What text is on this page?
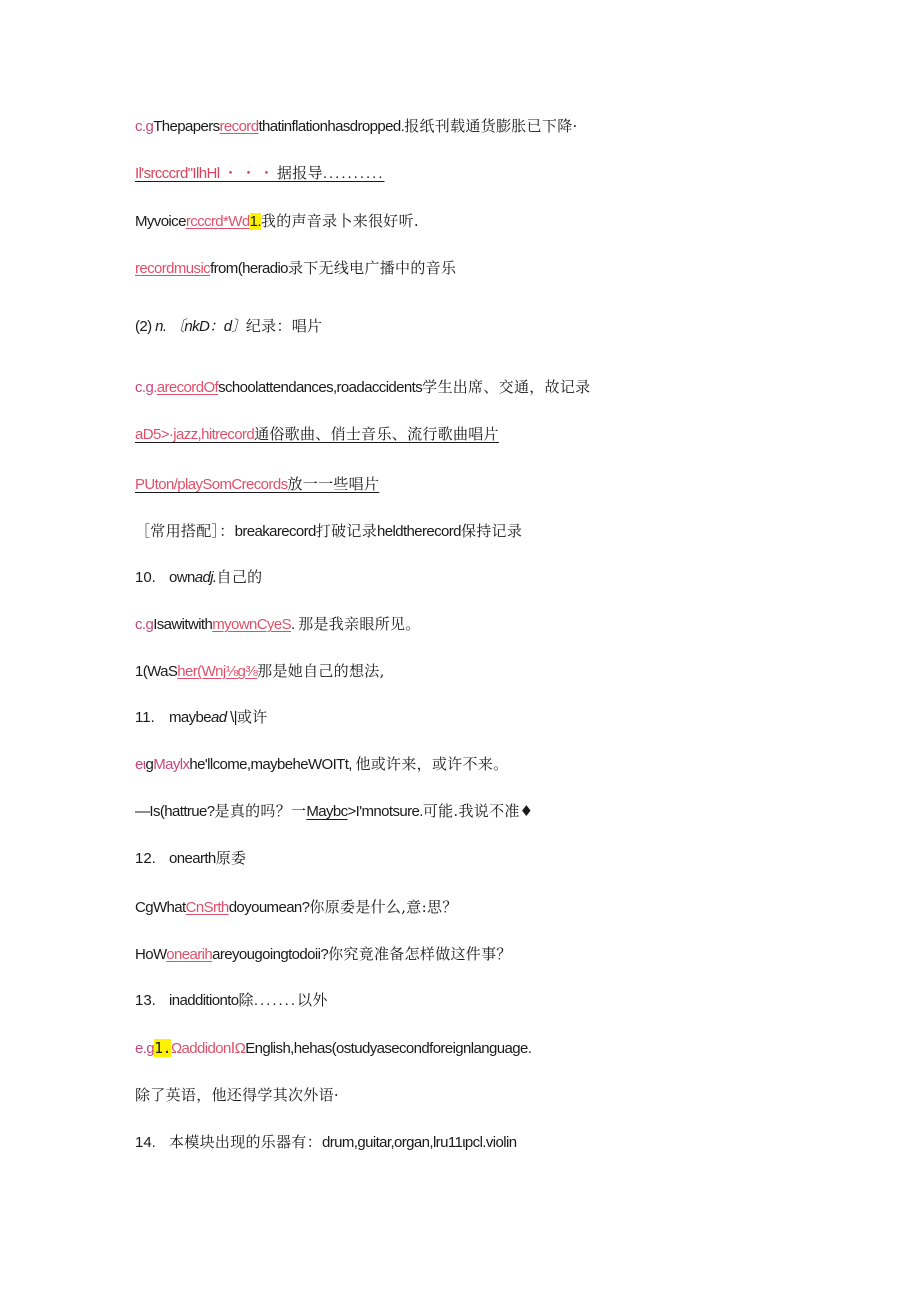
c.gThepapersrecordthatinflationhasdropped.报纸刊载通货膨胀已下降·
Il'srcccrd"IlhHl ・ ・ ・ 据报导..........
Myvoicercccrd*Wd1.我的声音录卜来很好听.
recordmusicfrom(heradio录下无线电广播中的音乐
(2) n. 〔nkD：d〕纪录：唱片
c.g.arecordOfschoolattendances,roadaccidents学生出席、交通，故记录
aD5>·jazz,hitrecord通俗歌曲、俏士音乐、流行歌曲唱片
PUton/playSomCrecords放一一些唱片
［常用搭配］：breakarecord打破记录heldtherecord保持记录
10. ownadj.自己的
c.gIsawitwithmyownCyeS. 那是我亲眼所见。
1(WaSher(Wnj⅛g⅜那是她自己的想法,
11. maybead \|或许
eιgMaylxhe'llcome,maybeheWOITt, 他或许来，或许不来。
—Is(hattrue?是真的吗？一Maybc>I'mnotsure.可能.我说不准♦
12. onearth原委
CgWhatCnSrthdoyoumean?你原委是什么,意:思？
HoWonearihareyougoingtodoii?你究竟准备怎样做这件事？
13. inadditionto除.......以外
e.g1.ΩaddidonⅠΩEnglish,hehas(ostudyasecondforeignlanguage.
除了英语，他还得学其次外语·
14. 本模块出现的乐器有：drum,guitar,organ,lru11ιpcl.violin
